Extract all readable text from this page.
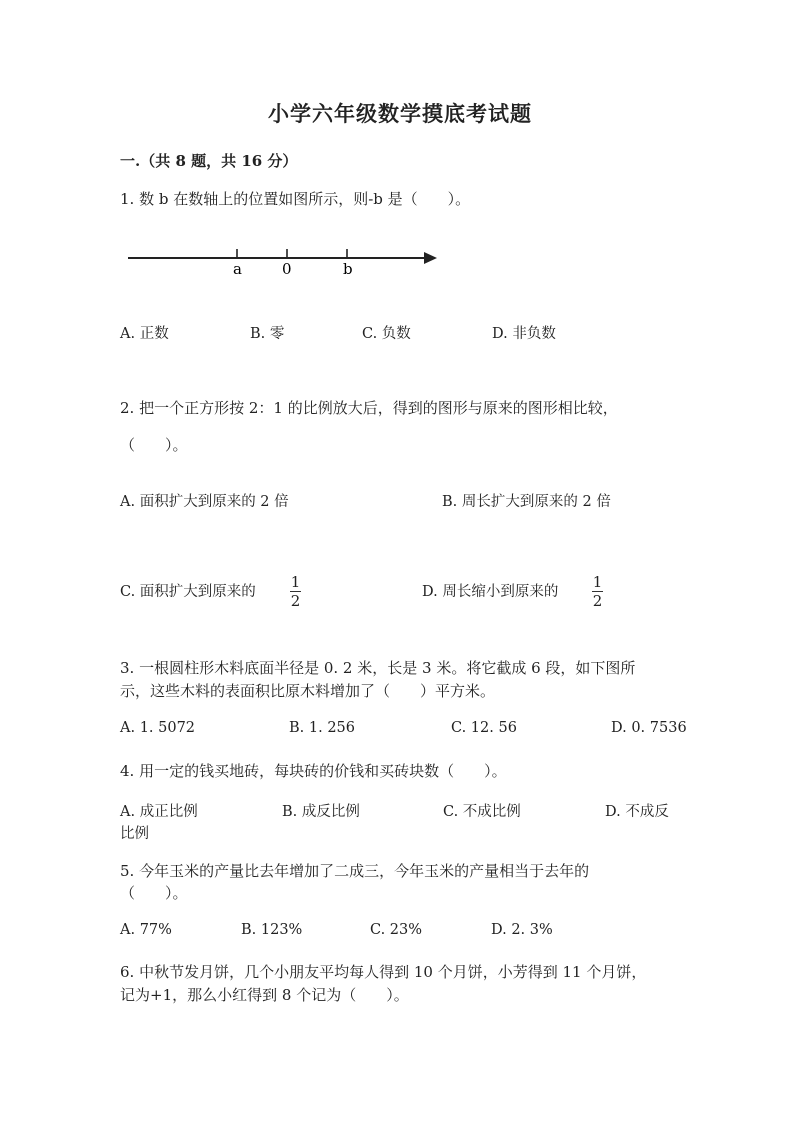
小学六年级数学摸底考试题
一.（共 8 题，共 16 分）
1. 数 b 在数轴上的位置如图所示，则-b 是（　　）。
a	0	b
A. 正数	B. 零	C. 负数	D. 非负数
2. 把一个正方形按 2：1 的比例放大后，得到的图形与原来的图形相比较，
（　　）。
A. 面积扩大到原来的 2 倍	B. 周长扩大到原来的 2 倍
C. 面积扩大到原来的
1
2	D. 周长缩小到原来的
1
2
3. 一根圆柱形木料底面半径是 0. 2 米，长是 3 米。将它截成 6 段，如下图所
示，这些木料的表面积比原木料增加了（　　）平方米。
A. 1. 5072	B. 1. 256	C. 12. 56	D. 0. 7536
4. 用一定的钱买地砖，每块砖的价钱和买砖块数（　　）。
A. 成正比例	B. 成反比例	C. 不成比例	D. 不成反
比例
5. 今年玉米的产量比去年增加了二成三，今年玉米的产量相当于去年的
（　　）。
A. 77%	B. 123%	C. 23%	D. 2. 3%
6. 中秋节发月饼，几个小朋友平均每人得到 10 个月饼，小芳得到 11 个月饼，
记为+1，那么小红得到 8 个记为（　　）。
